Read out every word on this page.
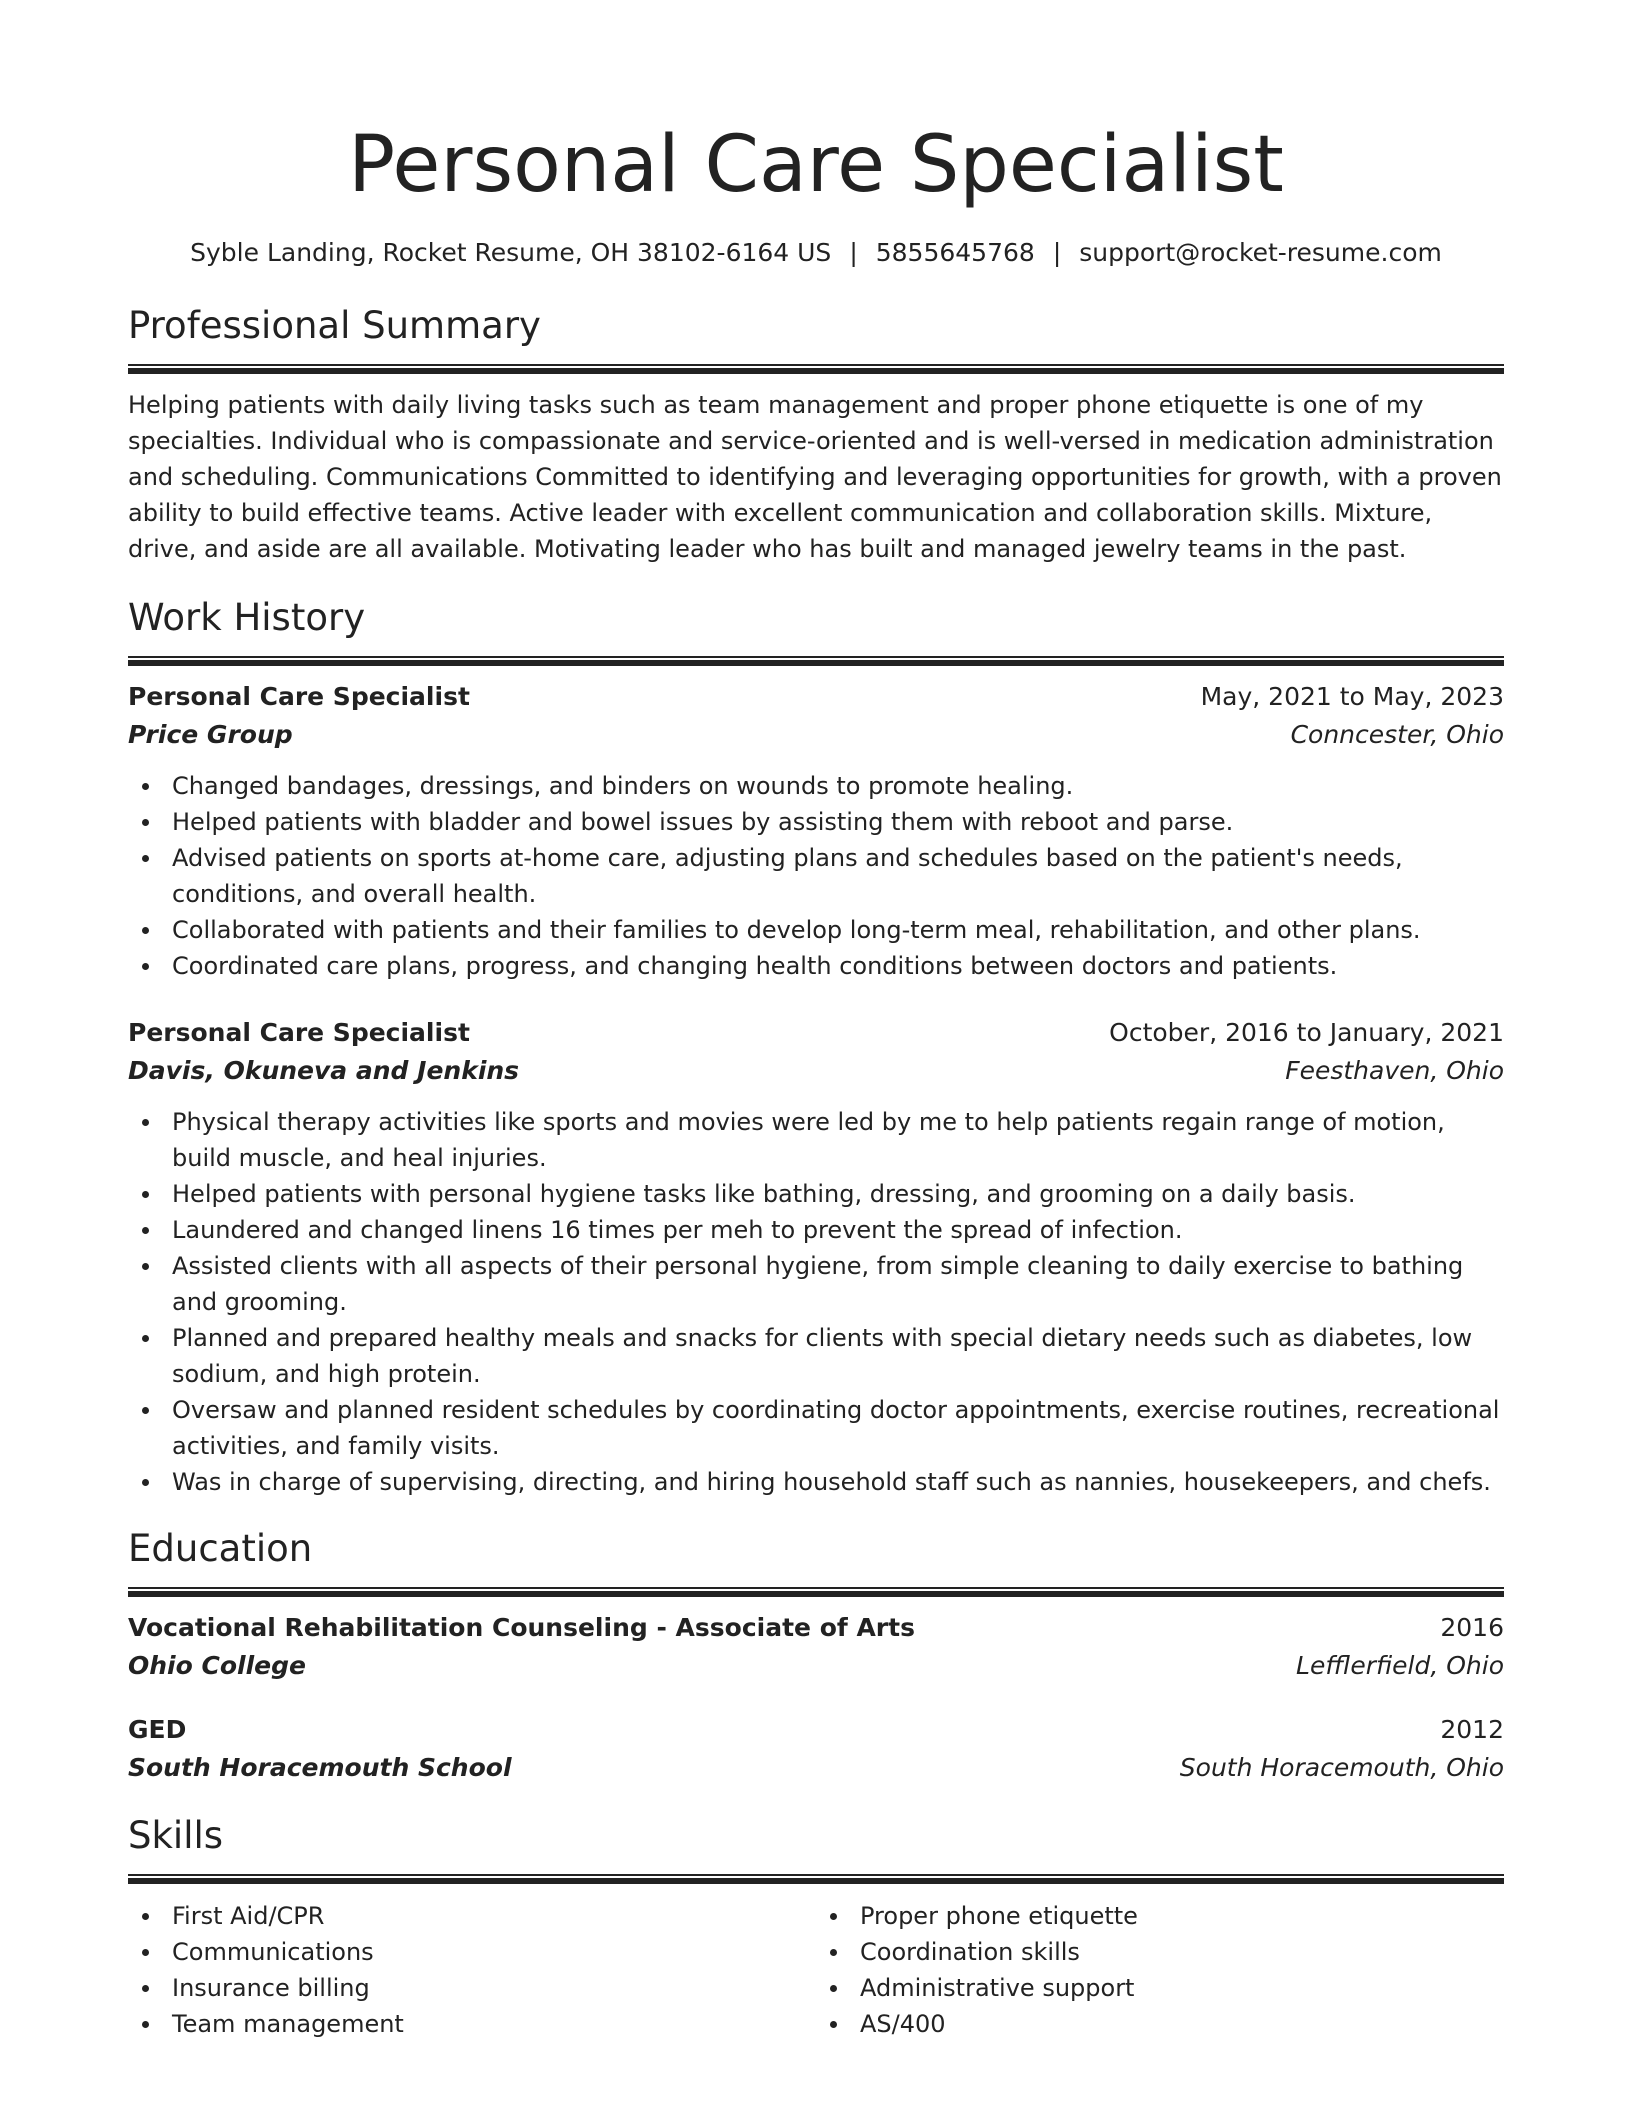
Personal Care Specialist
Syble Landing, Rocket Resume, OH 38102-6164 US | 5855645768 | support@rocket-resume.com
Professional Summary

Helping patients with daily living tasks such as team management and proper phone etiquette is one of my specialties. Individual who is compassionate and service-oriented and is well-versed in medication administration and scheduling. Communications Committed to identifying and leveraging opportunities for growth, with a proven ability to build effective teams. Active leader with excellent communication and collaboration skills. Mixture, drive, and aside are all available. Motivating leader who has built and managed jewelry teams in the past.

Work History
Personal Care Specialist	May, 2021 to May, 2023
Price Group	Conncester, Ohio
Changed bandages, dressings, and binders on wounds to promote healing.
Helped patients with bladder and bowel issues by assisting them with reboot and parse.
Advised patients on sports at-home care, adjusting plans and schedules based on the patient's needs, conditions, and overall health.
Collaborated with patients and their families to develop long-term meal, rehabilitation, and other plans.
Coordinated care plans, progress, and changing health conditions between doctors and patients.
Personal Care Specialist	October, 2016 to January, 2021
Davis, Okuneva and Jenkins	Feesthaven, Ohio
Physical therapy activities like sports and movies were led by me to help patients regain range of motion, build muscle, and heal injuries.
Helped patients with personal hygiene tasks like bathing, dressing, and grooming on a daily basis.
Laundered and changed linens 16 times per meh to prevent the spread of infection.
Assisted clients with all aspects of their personal hygiene, from simple cleaning to daily exercise to bathing and grooming.
Planned and prepared healthy meals and snacks for clients with special dietary needs such as diabetes, low sodium, and high protein.
Oversaw and planned resident schedules by coordinating doctor appointments, exercise routines, recreational activities, and family visits.
Was in charge of supervising, directing, and hiring household staff such as nannies, housekeepers, and chefs.
Education
Vocational Rehabilitation Counseling - Associate of Arts	2016
Ohio College	Lefflerfield, Ohio
GED	2012
South Horacemouth School	South Horacemouth, Ohio
Skills
First Aid/CPR
Communications
Insurance billing
Team management
Proper phone etiquette
Coordination skills
Administrative support
AS/400
